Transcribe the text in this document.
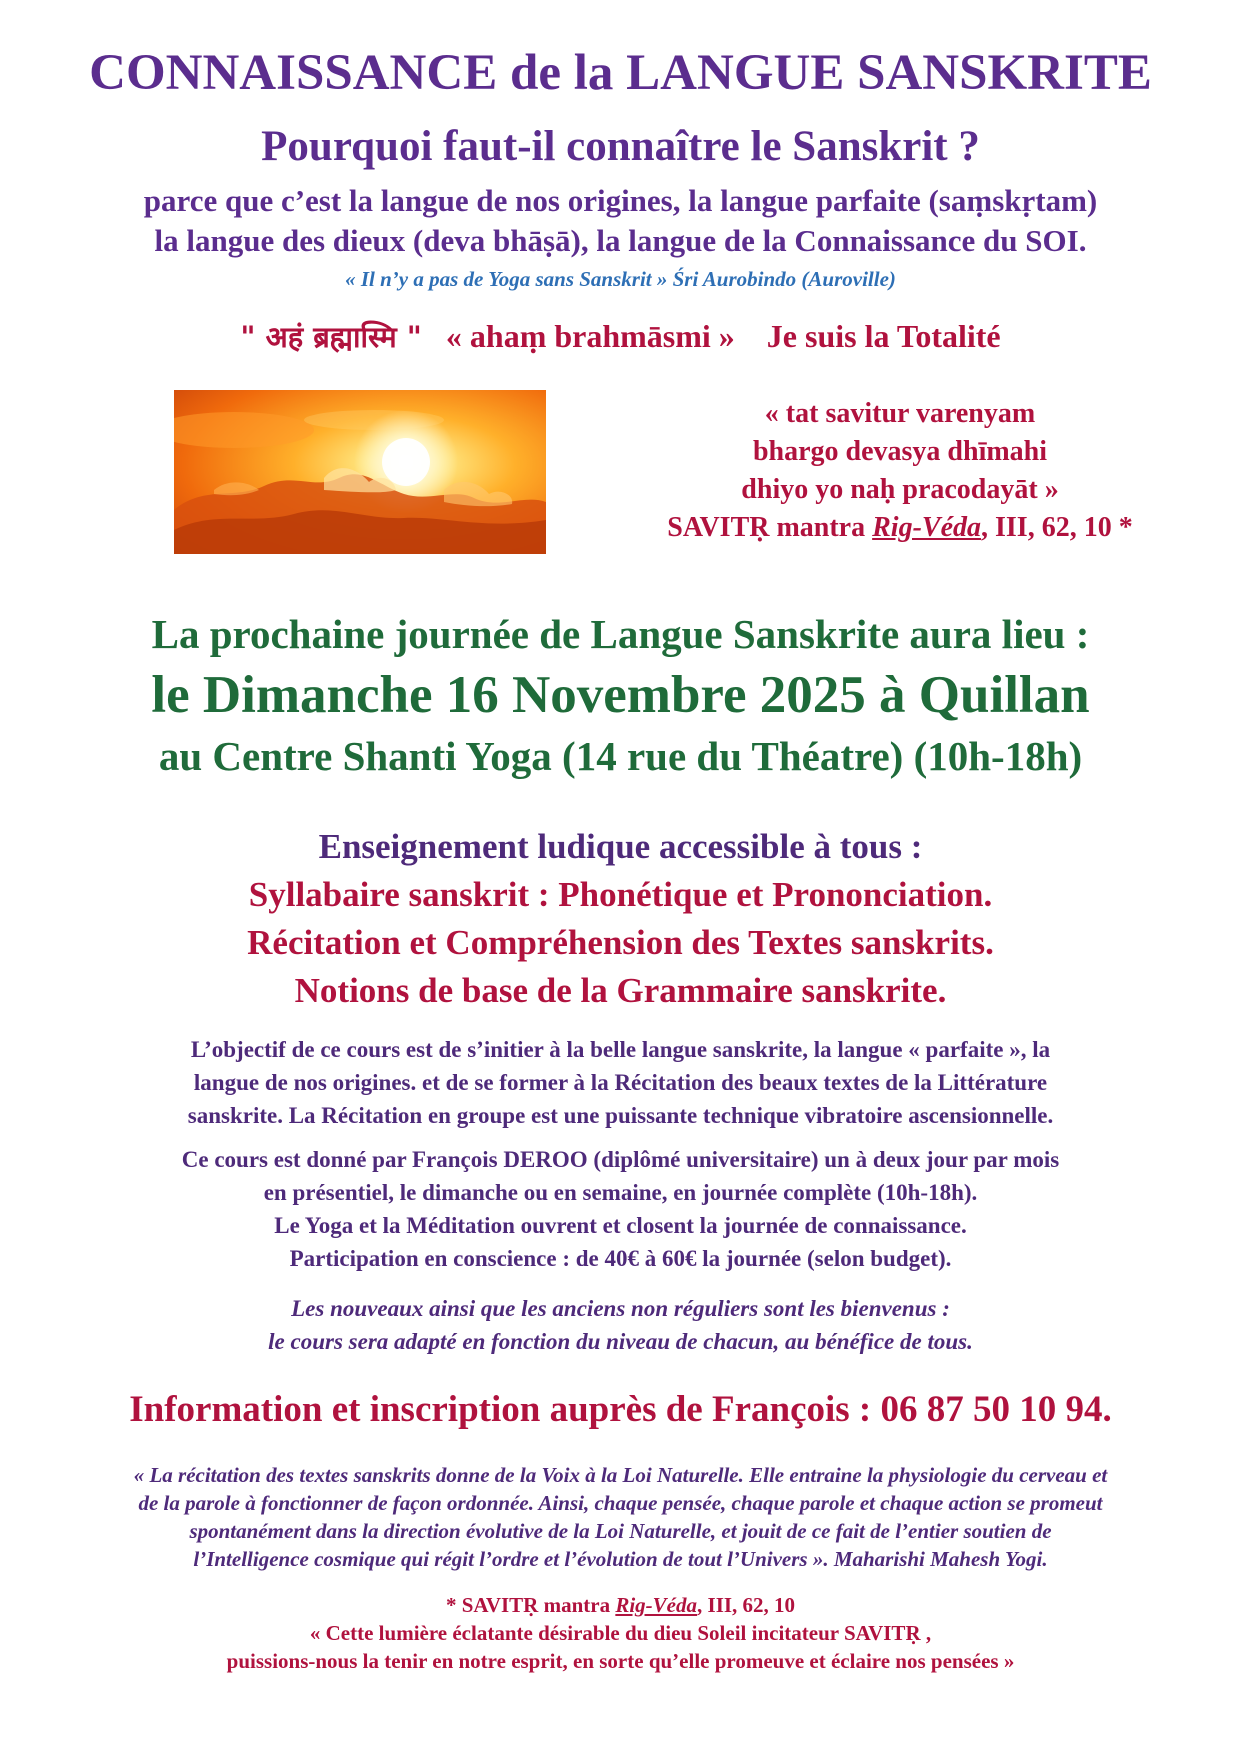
CONNAISSANCE de la LANGUE SANSKRITE
Pourquoi faut-il connaître le Sanskrit ?
parce que c’est la langue de nos origines, la langue parfaite (saṃskṛtam)
la langue des dieux (deva bhāṣā), la langue de la Connaissance du SOI.
« Il n’y a pas de Yoga sans Sanskrit » Śri Aurobindo (Auroville)
" अहं ब्रह्मास्मि " « ahaṃ brahmāsmi » Je suis la Totalité
« tat savitur varenyam
bhargo devasya dhīmahi
dhiyo yo naḥ pracodayāt »
SAVITṚ mantra Rig-Véda, III, 62, 10 *
La prochaine journée de Langue Sanskrite aura lieu :
le Dimanche 16 Novembre 2025 à Quillan
au Centre Shanti Yoga (14 rue du Théatre) (10h-18h)
Enseignement ludique accessible à tous :
Syllabaire sanskrit : Phonétique et Prononciation.
Récitation et Compréhension des Textes sanskrits.
Notions de base de la Grammaire sanskrite.
L’objectif de ce cours est de s’initier à la belle langue sanskrite, la langue « parfaite », la
langue de nos origines. et de se former à la Récitation des beaux textes de la Littérature
sanskrite. La Récitation en groupe est une puissante technique vibratoire ascensionnelle.
Ce cours est donné par François DEROO (diplômé universitaire) un à deux jour par mois
en présentiel, le dimanche ou en semaine, en journée complète (10h-18h).
Le Yoga et la Méditation ouvrent et closent la journée de connaissance.
Participation en conscience : de 40€ à 60€ la journée (selon budget).
Les nouveaux ainsi que les anciens non réguliers sont les bienvenus :
le cours sera adapté en fonction du niveau de chacun, au bénéfice de tous.
Information et inscription auprès de François : 06 87 50 10 94.
« La récitation des textes sanskrits donne de la Voix à la Loi Naturelle. Elle entraine la physiologie du cerveau et
de la parole à fonctionner de façon ordonnée. Ainsi, chaque pensée, chaque parole et chaque action se promeut
spontanément dans la direction évolutive de la Loi Naturelle, et jouit de ce fait de l’entier soutien de
l’Intelligence cosmique qui régit l’ordre et l’évolution de tout l’Univers ». Maharishi Mahesh Yogi.
* SAVITṚ mantra Rig-Véda, III, 62, 10
« Cette lumière éclatante désirable du dieu Soleil incitateur SAVITṚ ,
puissions-nous la tenir en notre esprit, en sorte qu’elle promeuve et éclaire nos pensées »
